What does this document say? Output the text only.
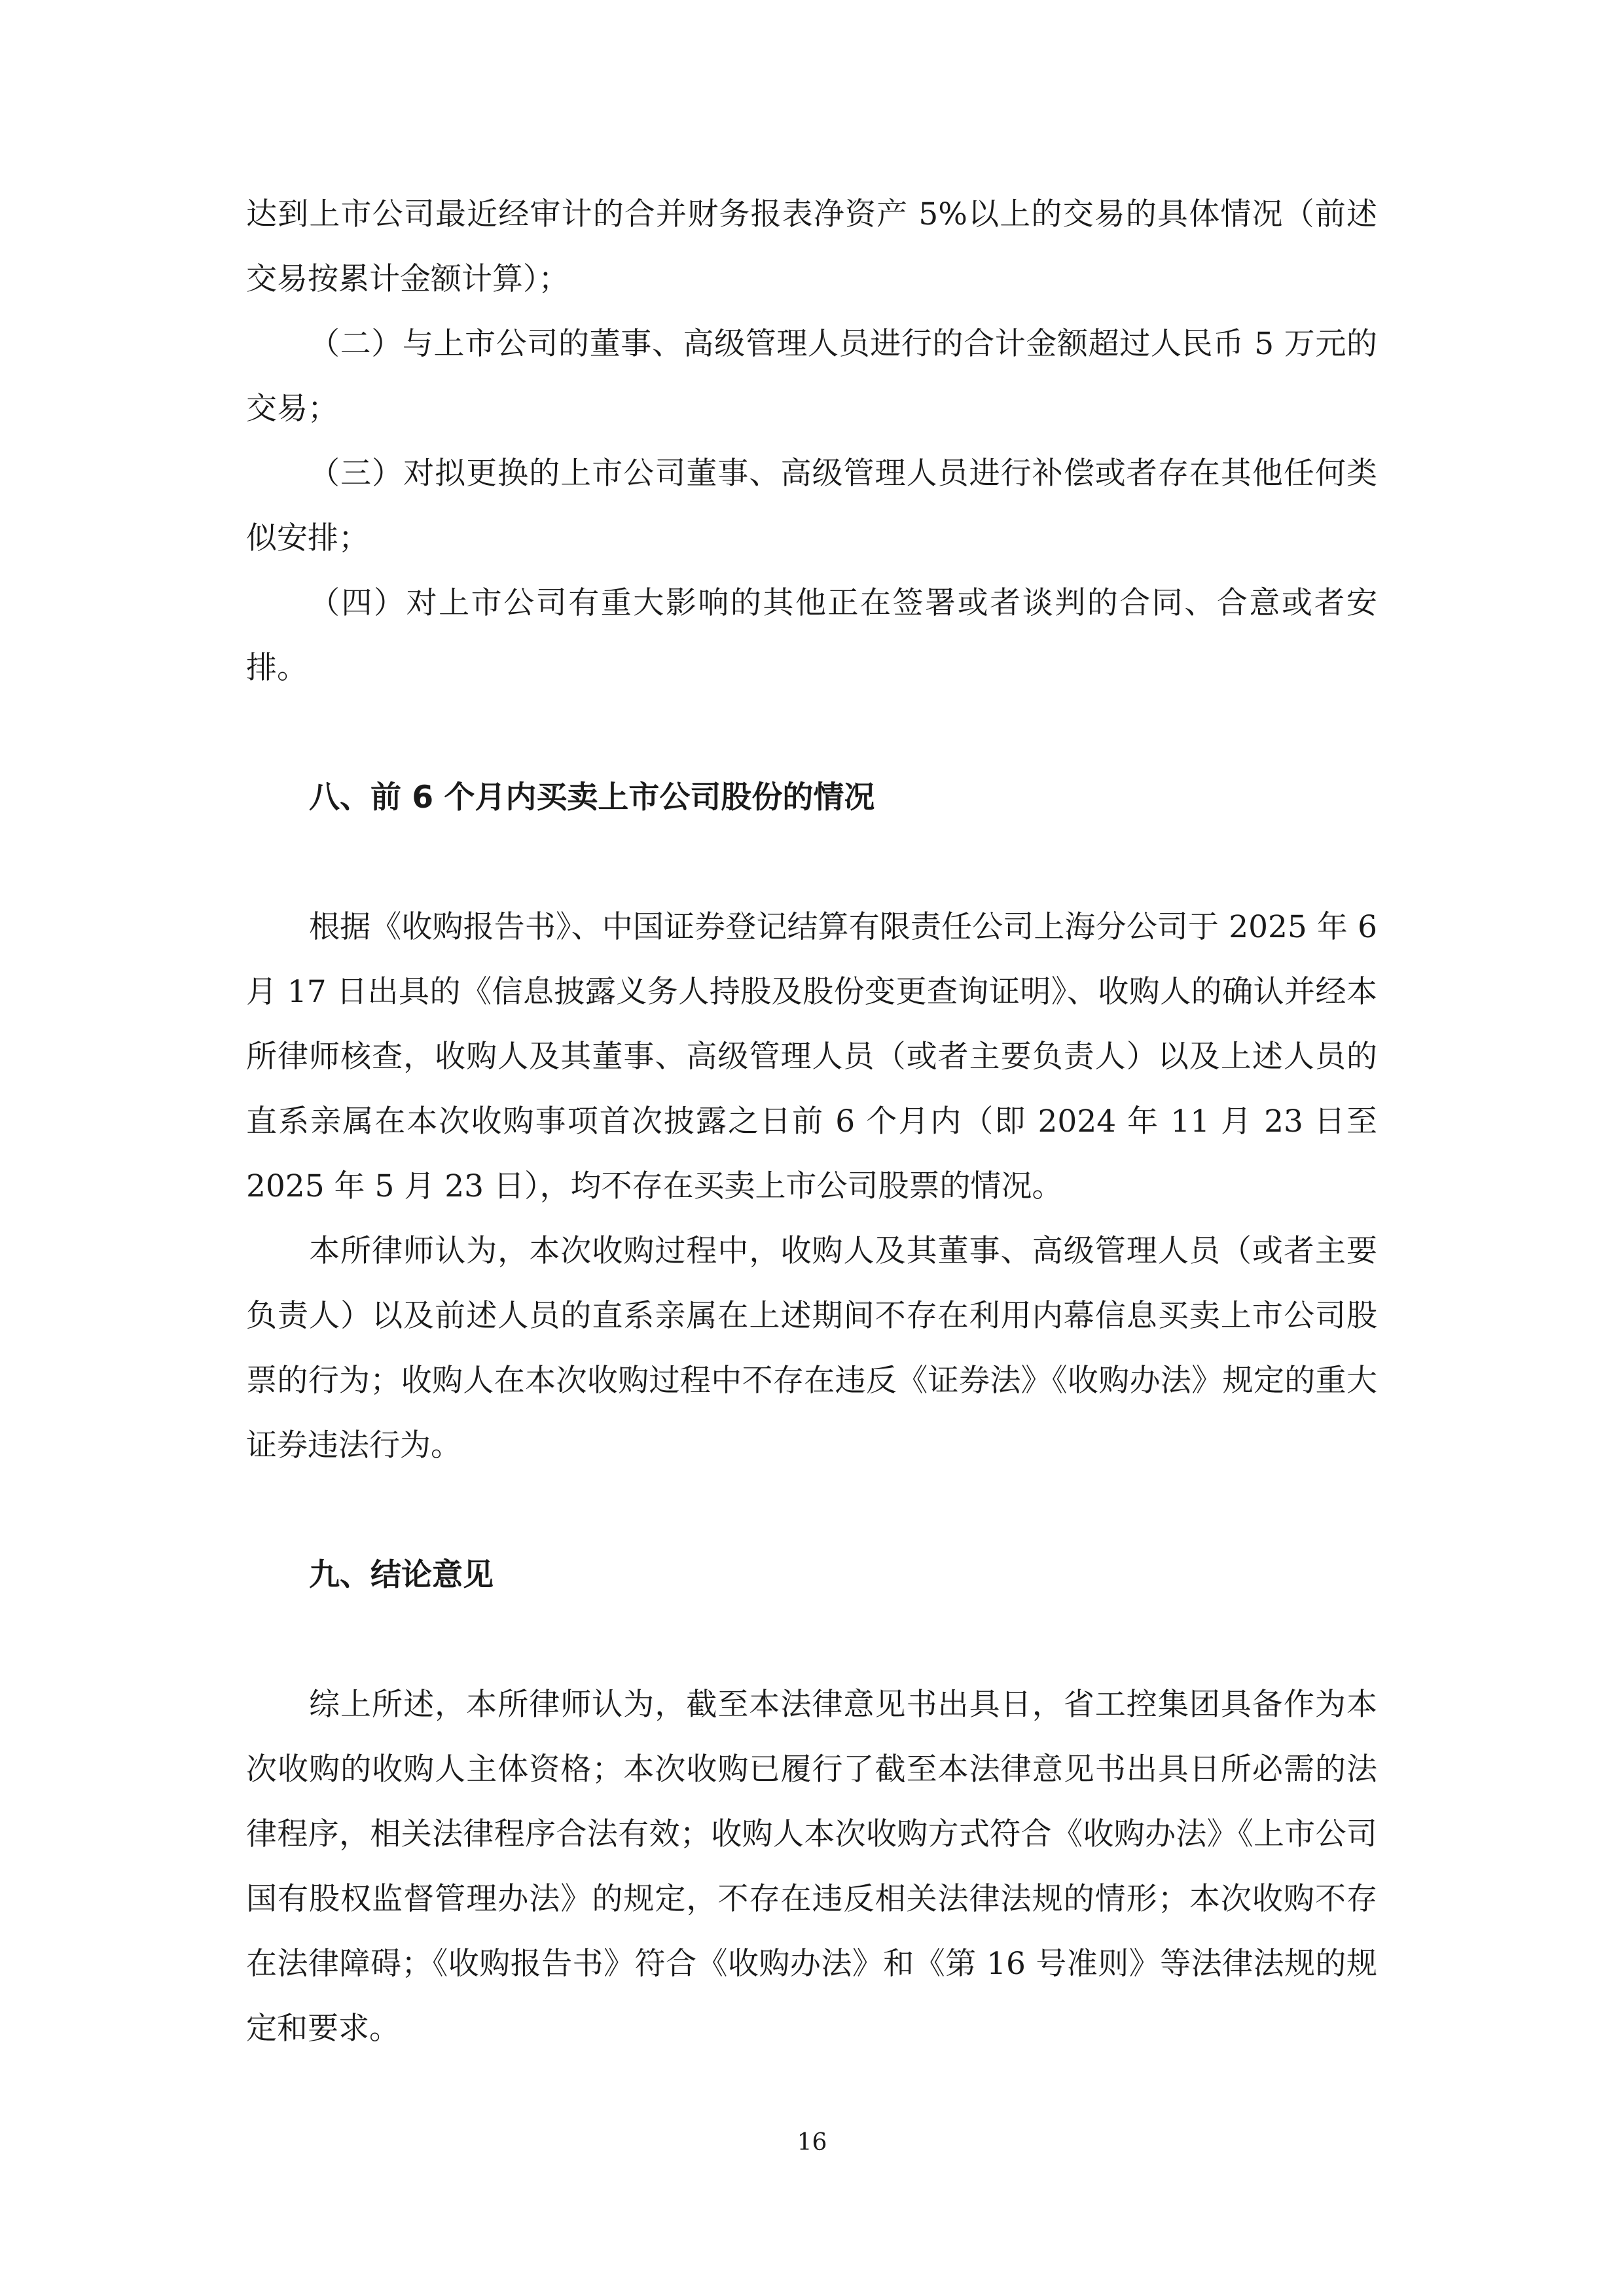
达到上市公司最近经审计的合并财务报表净资产 5%以上的交易的具体情况（前述交易按累计金额计算）；

（二）与上市公司的董事、高级管理人员进行的合计金额超过人民币 5 万元的交易；

（三）对拟更换的上市公司董事、高级管理人员进行补偿或者存在其他任何类似安排；

（四）对上市公司有重大影响的其他正在签署或者谈判的合同、合意或者安排。

八、前 6 个月内买卖上市公司股份的情况

根据《收购报告书》、中国证券登记结算有限责任公司上海分公司于 2025 年 6 月 17 日出具的《信息披露义务人持股及股份变更查询证明》、收购人的确认并经本所律师核查，收购人及其董事、高级管理人员（或者主要负责人）以及上述人员的直系亲属在本次收购事项首次披露之日前 6 个月内（即 2024 年 11 月 23 日至 2025 年 5 月 23 日），均不存在买卖上市公司股票的情况。

本所律师认为，本次收购过程中，收购人及其董事、高级管理人员（或者主要负责人）以及前述人员的直系亲属在上述期间不存在利用内幕信息买卖上市公司股票的行为；收购人在本次收购过程中不存在违反《证券法》《收购办法》规定的重大证券违法行为。

九、结论意见

综上所述，本所律师认为，截至本法律意见书出具日，省工控集团具备作为本次收购的收购人主体资格；本次收购已履行了截至本法律意见书出具日所必需的法律程序，相关法律程序合法有效；收购人本次收购方式符合《收购办法》《上市公司国有股权监督管理办法》的规定，不存在违反相关法律法规的情形；本次收购不存在法律障碍；《收购报告书》符合《收购办法》和《第 16 号准则》等法律法规的规定和要求。

16
